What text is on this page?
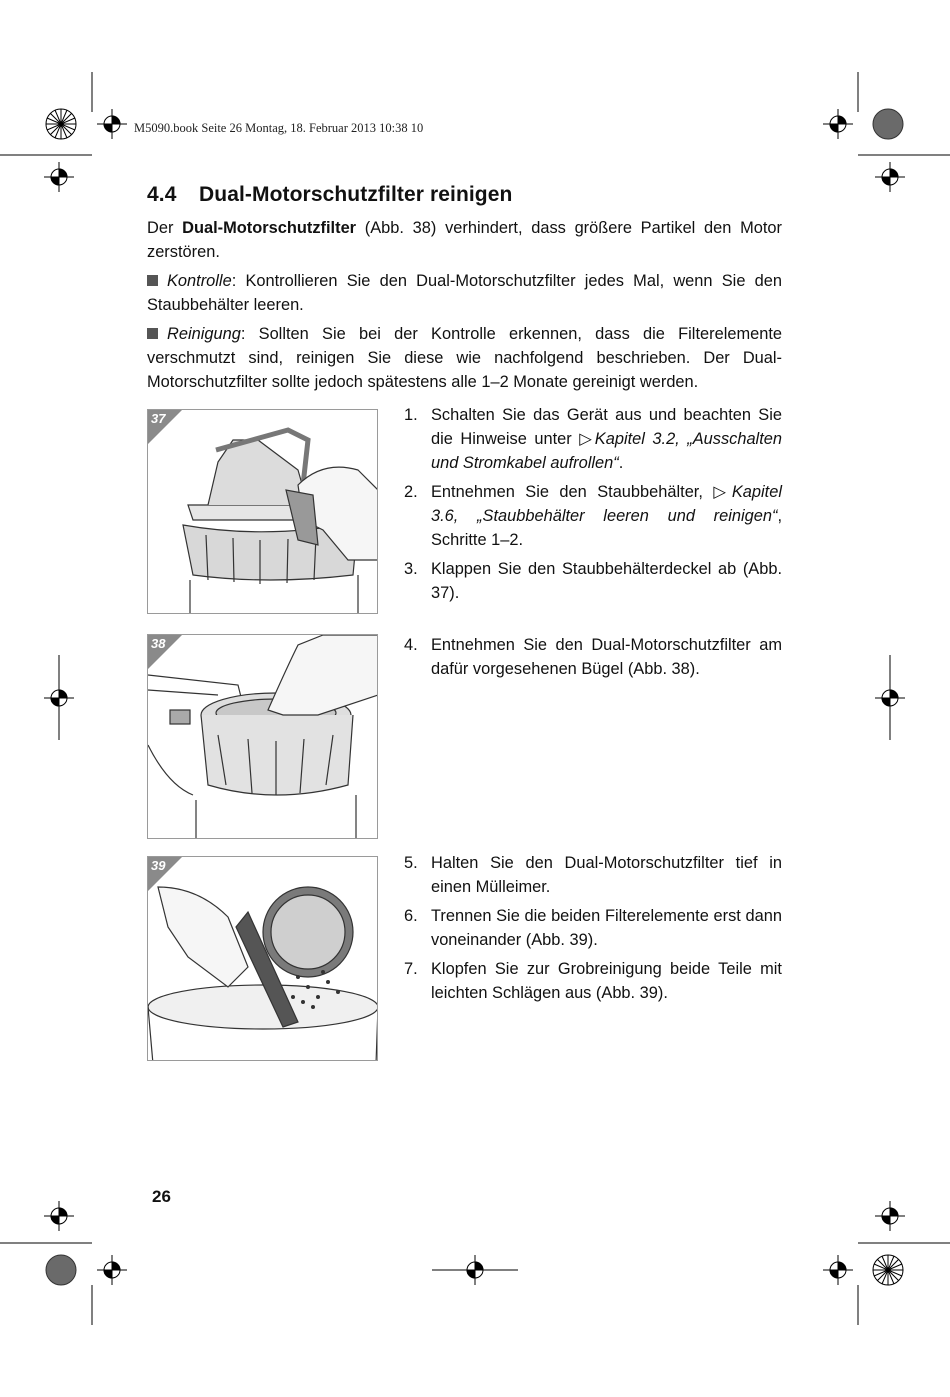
M5090.book Seite 26 Montag, 18. Februar 2013 10:38 10
4.4 Dual-Motorschutzfilter reinigen

Der Dual-Motorschutzfilter (Abb. 38) verhindert, dass größere Partikel den Motor zerstören.

Kontrolle: Kontrollieren Sie den Dual-Motorschutzfilter jedes Mal, wenn Sie den Staubbehälter leeren.

Reinigung: Sollten Sie bei der Kontrolle erkennen, dass die Filterelemente verschmutzt sind, reinigen Sie diese wie nachfolgend beschrieben. Der Dual-Motorschutzfilter sollte jedoch spätestens alle 1–2 Monate gereinigt werden.

37
38
39
1. Schalten Sie das Gerät aus und beachten Sie die Hinweise unter ▷Kapitel 3.2, „Ausschalten und Stromkabel aufrollen“.
2. Entnehmen Sie den Staubbehälter, ▷Kapitel 3.6, „Staubbehälter leeren und reinigen“, Schritte 1–2.
3. Klappen Sie den Staubbehälterdeckel ab (Abb. 37).
4. Entnehmen Sie den Dual-Motorschutzfilter am dafür vorgesehenen Bügel (Abb. 38).
5. Halten Sie den Dual-Motorschutzfilter tief in einen Mülleimer.
6. Trennen Sie die beiden Filterelemente erst dann voneinander (Abb. 39).
7. Klopfen Sie zur Grobreinigung beide Teile mit leichten Schlägen aus (Abb. 39).
26
